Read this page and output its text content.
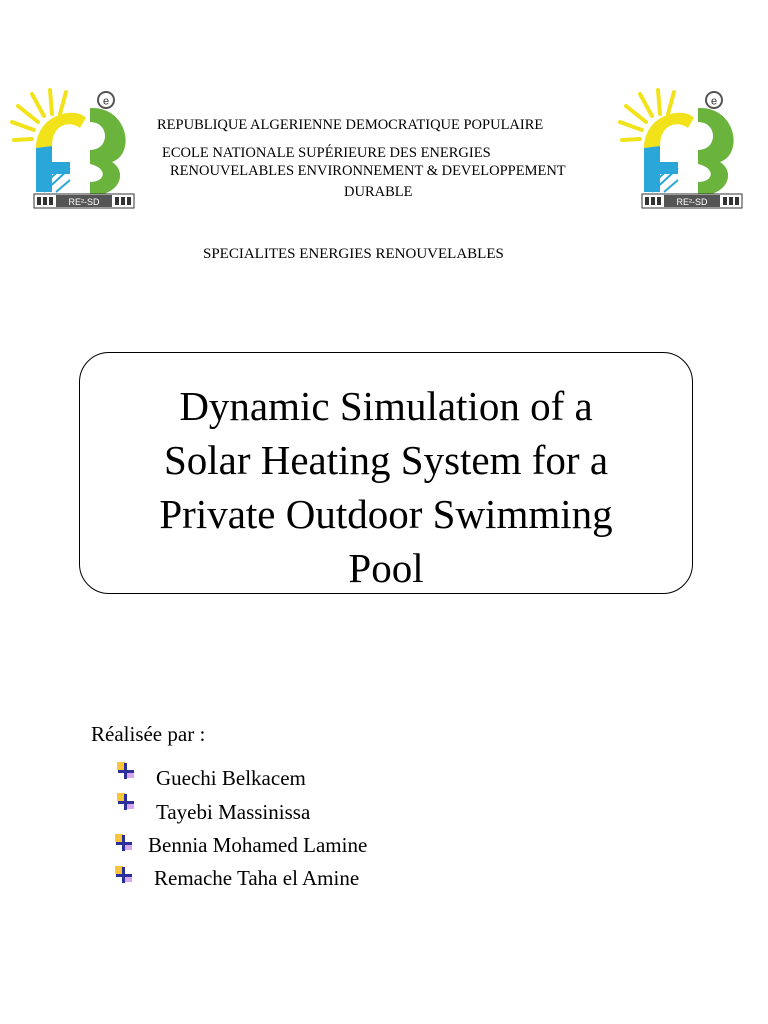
e
RE²-SD
e
RE²-SD
REPUBLIQUE ALGERIENNE DEMOCRATIQUE POPULAIRE
ECOLE NATIONALE SUPÉRIEURE DES ENERGIES
RENOUVELABLES ENVIRONNEMENT & DEVELOPPEMENT
DURABLE
SPECIALITES ENERGIES RENOUVELABLES
Dynamic Simulation of a
Solar Heating System for a
Private Outdoor Swimming
Pool
Réalisée par :
Guechi Belkacem
Tayebi Massinissa
Bennia Mohamed Lamine
Remache Taha el Amine
